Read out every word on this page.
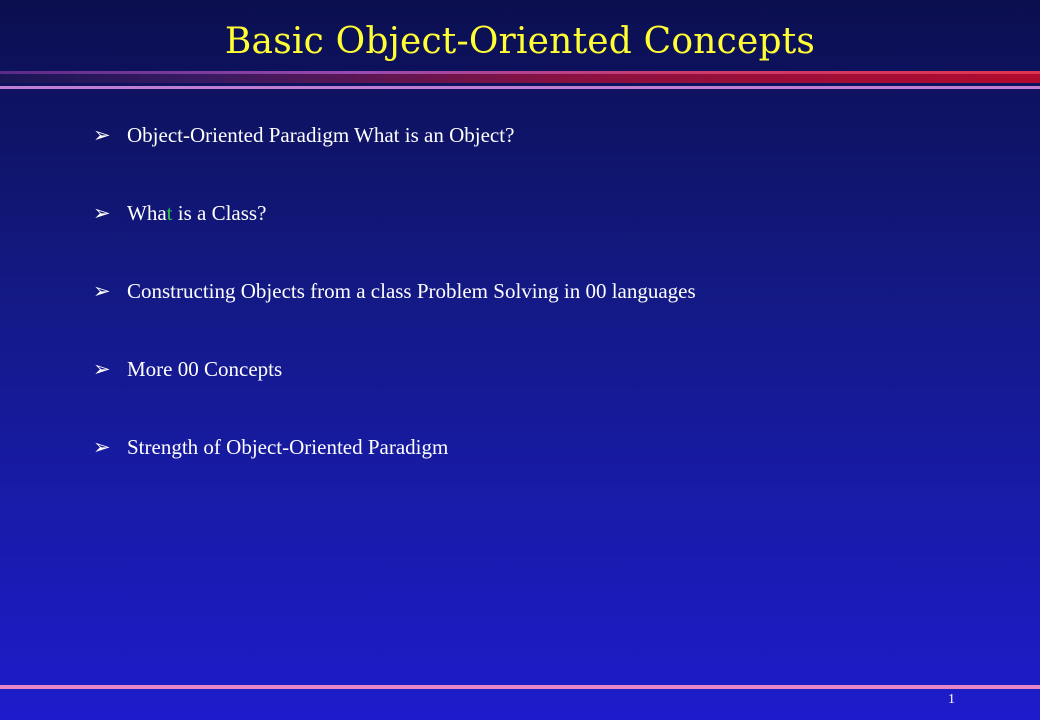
Basic Object-Oriented Concepts
➢ Object-Oriented Paradigm What is an Object?
➢ What is a Class?
➢ Constructing Objects from a class Problem Solving in 00 languages
➢ More 00 Concepts
➢ Strength of Object-Oriented Paradigm
1
